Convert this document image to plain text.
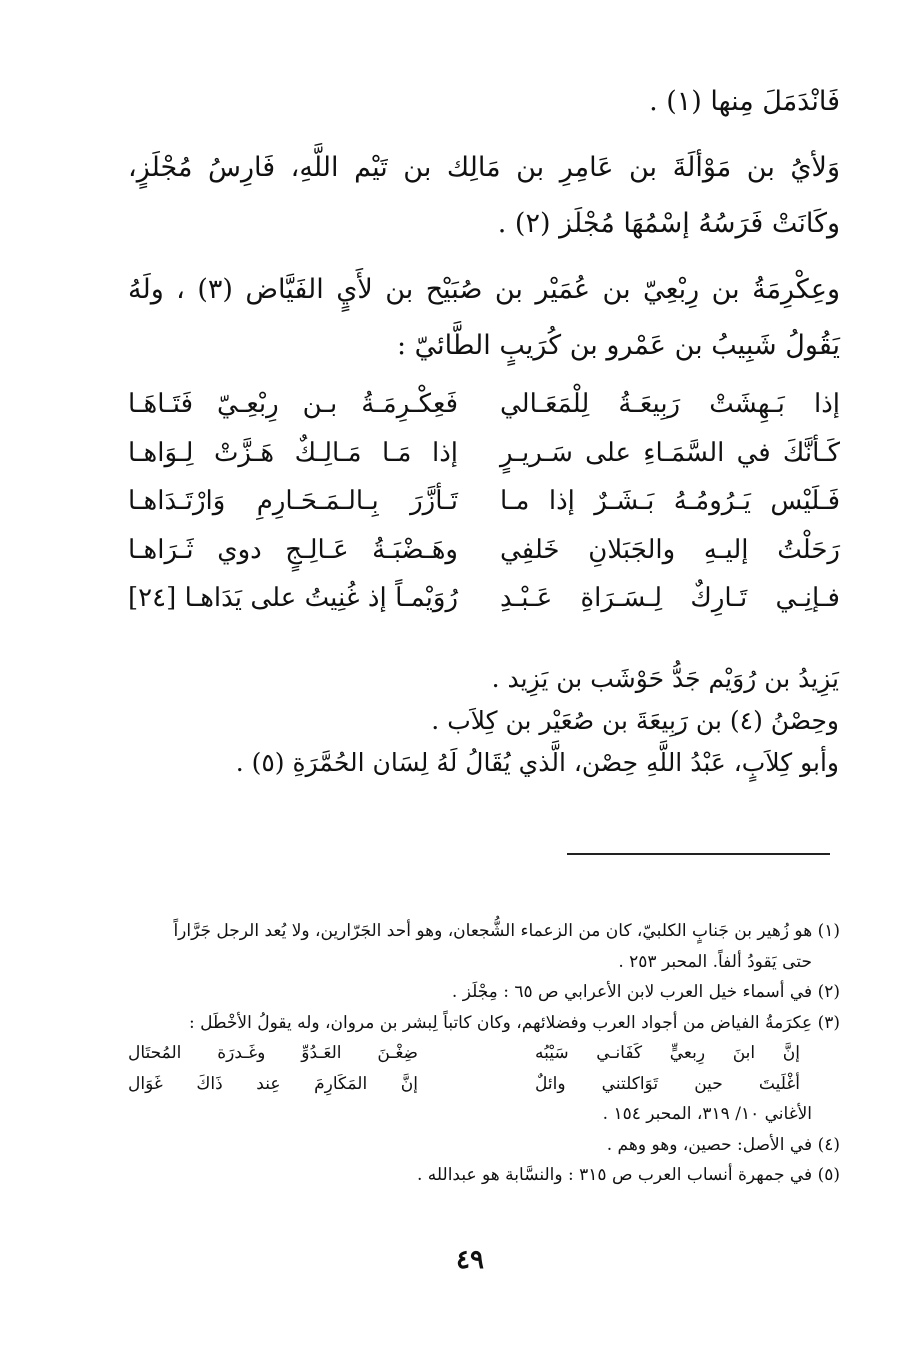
فَانْدَمَلَ مِنها (١) .

وَلأيُ بن مَوْألَةَ بن عَامِرِ بن مَالِك بن تَيْم اللَّهِ، فَارِسُ مُجْلَزٍ، وكَانَتْ فَرَسُهُ إسْمُهَا مُجْلَز (٢) .

وعِكْرِمَةُ بن رِبْعِيّ بن عُمَيْر بن صُبَيْح بن لأَيٍ الفَيَّاض (٣) ، ولَهُ يَقُولُ شَبِيبُ بن عَمْرو بن كُرَيبٍ الطَّائيّ :

إذا بَـهِشَتْ رَبِيعَـةُ لِلْمَعَـالي
فَعِكْـرِمَـةُ بـن رِبْعِـيّ فَتَـاهَـا
كَـأنَّكَ في السَّمَـاءِ على سَـريـرٍ
إذا مَـا مَـالِـكٌ هَـزَّتْ لِـوَاهـا
فَـلَيْس يَـرُومُـهُ بَـشَـرٌ إذا مـا
تَـأزَّرَ بِـالـمَـحَـارِمِ وَارْتَـدَاهـا
رَحَلْتُ إليـهِ والجَبَلانِ خَلفِي
وهَـضْبَـةُ عَـالِـجٍ دوي ثَـرَاهـا
فـإنِـي تَـارِكٌ لِـسَـرَاةِ عَـبْـدِ
رُوَيْمـاً إذ غُنِيتُ على يَدَاهـا [٢٤]
يَزِيدُ بن رُوَيْم جَدُّ حَوْشَب بن يَزِيد .
وحِصْنُ (٤) بن رَبِيعَةَ بن صُعَيْر بن كِلاَب .
وأبو كِلاَبٍ، عَبْدُ اللَّهِ حِصْن، الَّذي يُقَالُ لَهُ لِسَان الحُمَّرَةِ (٥) .

(١) هو زُهير بن جَنابٍ الكلبيّ، كان من الزعماء الشُّجعان، وهو أحد الجَرّارين، ولا يُعد الرجل جَرَّاراً

حتى يَقودُ ألفاً. المحبر ٢٥٣ .

(٢) في أسماء خيل العرب لابن الأعرابي ص ٦٥ : مِجْلَز .

(٣) عِكرَمةُ الفياض من أجواد العرب وفضلائهم، وكان كاتباً لِبشر بن مروان، وله يقولُ الأخْطَل :

إنَّ ابنَ رِبعيٍّ كَفَانـي سَيْبُه
ضِغْـنَ العَـدُوِّ وغَـدرَة المُحتَال
أغْلَيتَ حين تَوَاكلتني وائلٌ
إنَّ المَكَارِمَ عِند ذَاكَ غَوَال

الأغاني ١٠/ ٣١٩، المحبر ١٥٤ .

(٤) في الأصل: حصين، وهو وهم .

(٥) في جمهرة أنساب العرب ص ٣١٥ : والنسَّابة هو عبدالله .

٤٩
